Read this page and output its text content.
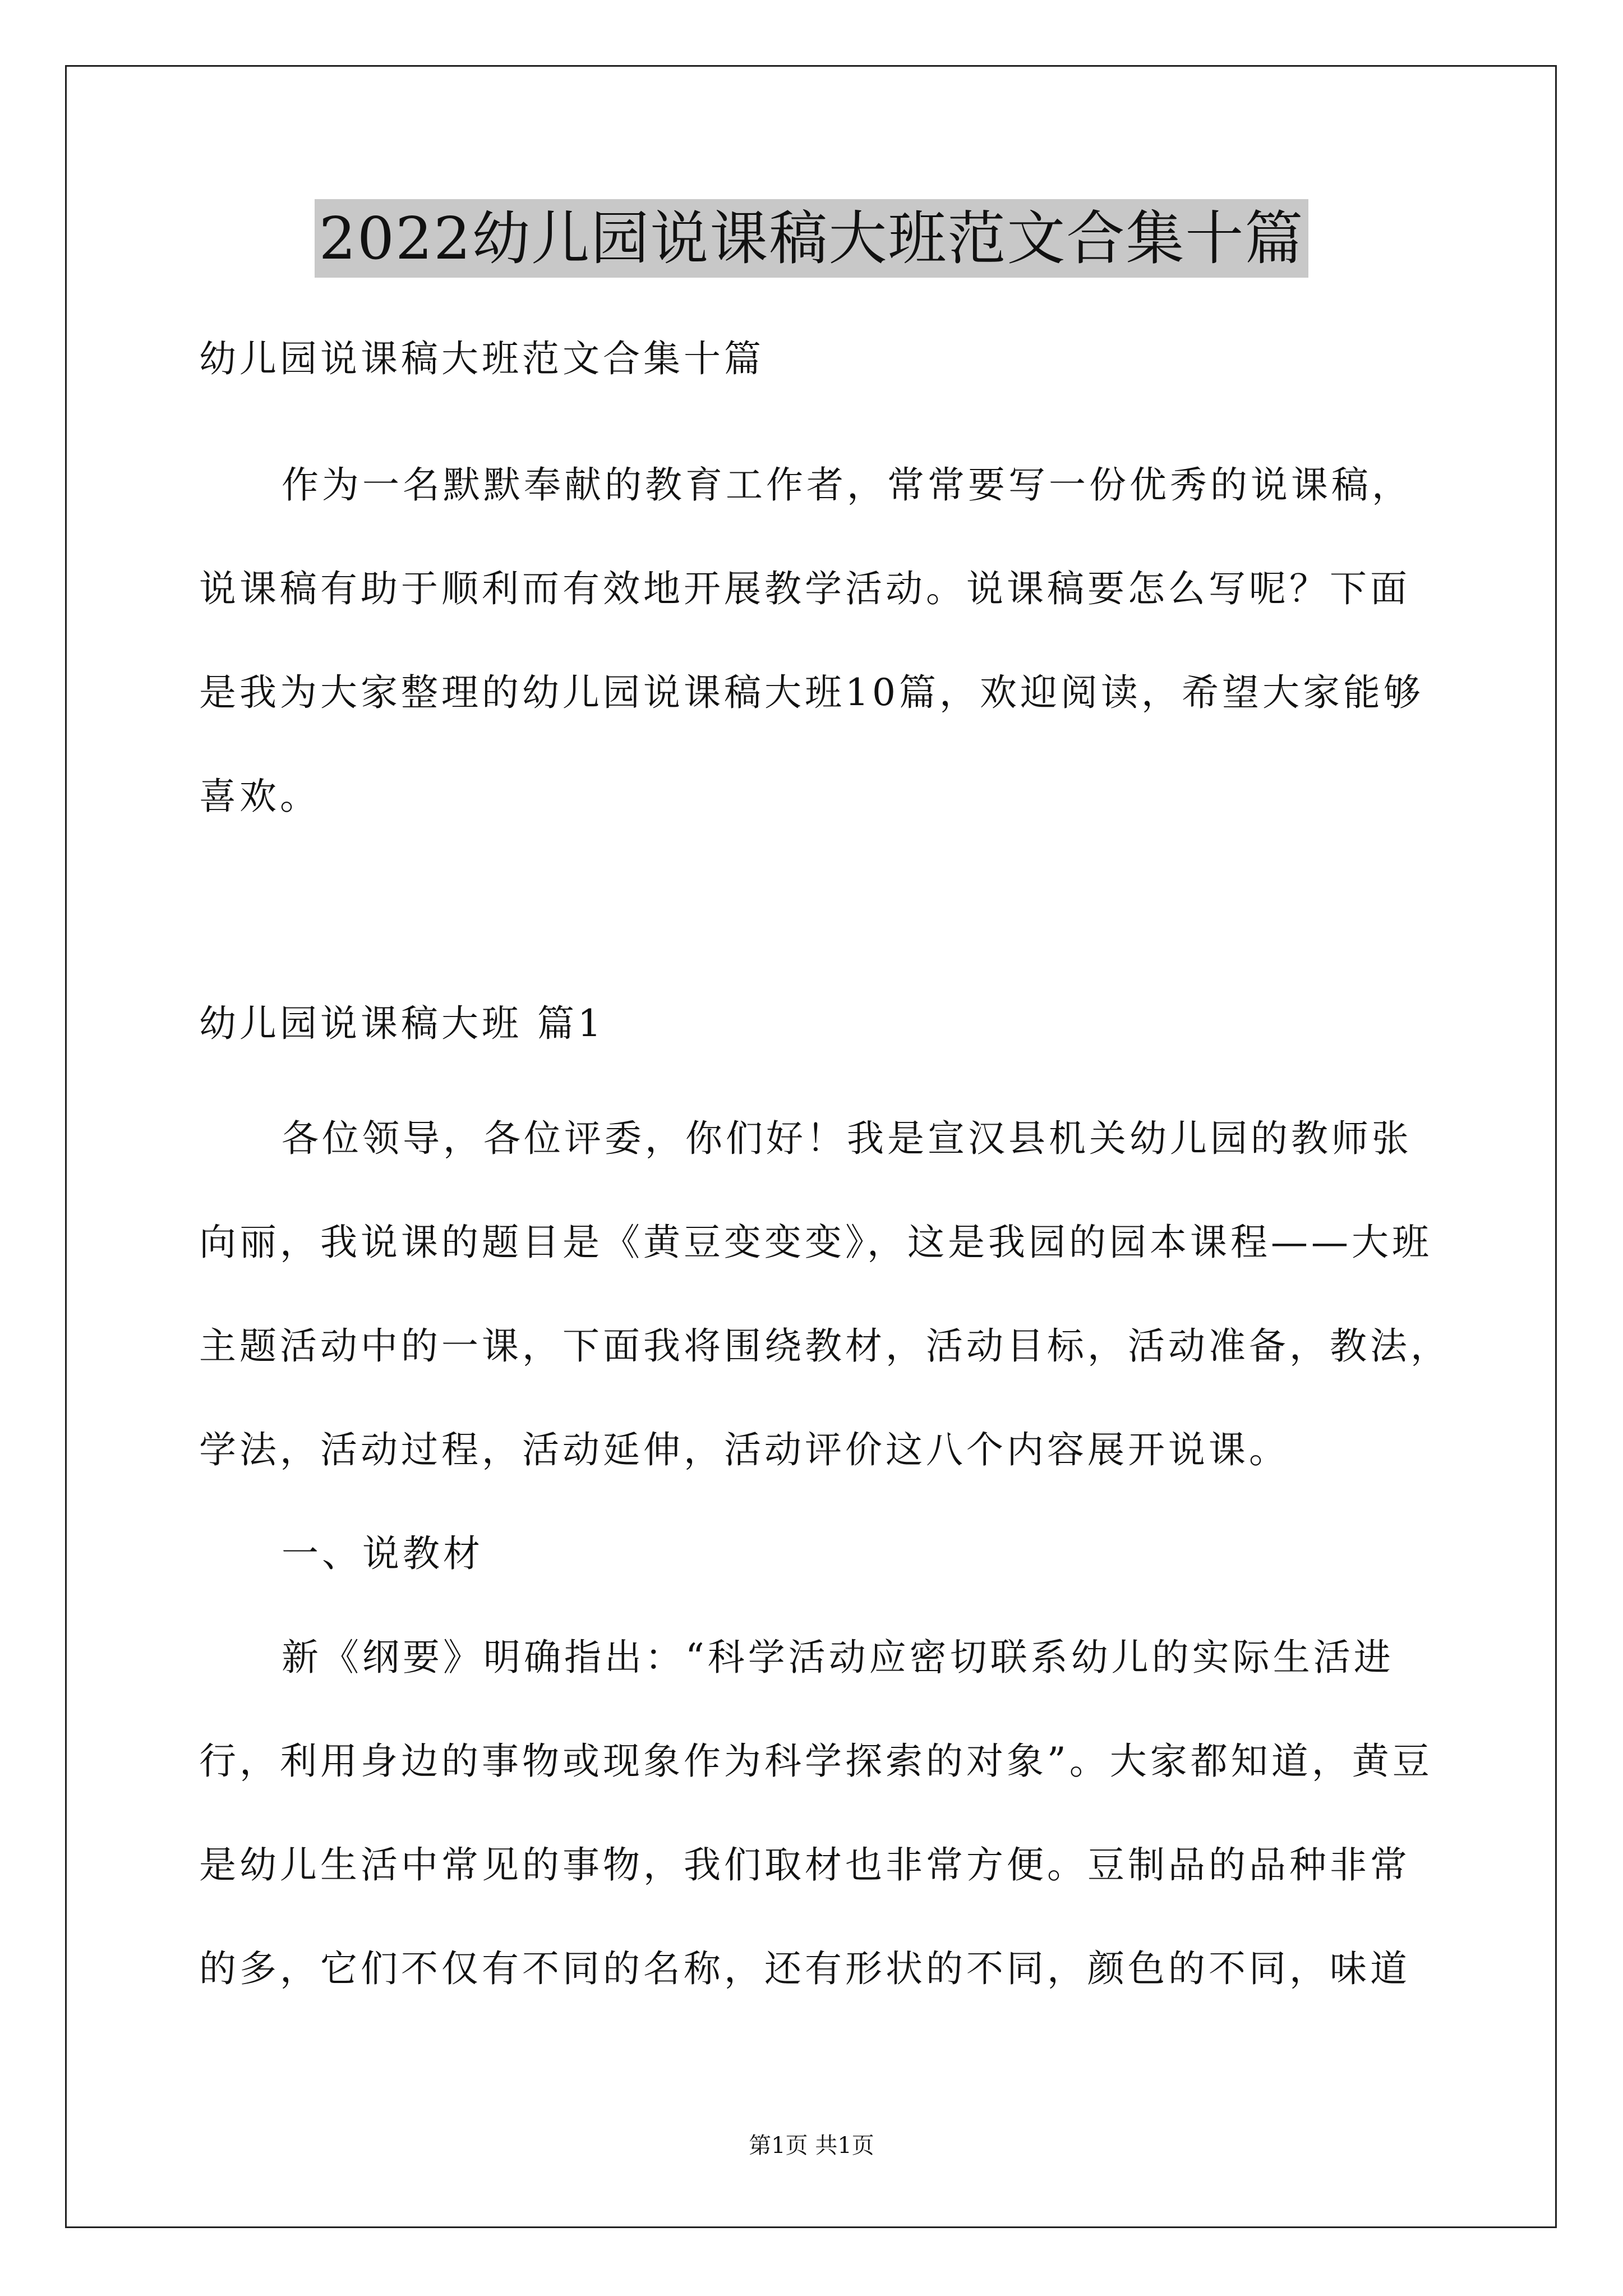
2022幼儿园说课稿大班范文合集十篇
幼儿园说课稿大班范文合集十篇
作为一名默默奉献的教育工作者，常常要写一份优秀的说课稿，
说课稿有助于顺利而有效地开展教学活动。说课稿要怎么写呢？下面
是我为大家整理的幼儿园说课稿大班10篇，欢迎阅读，希望大家能够
喜欢。
幼儿园说课稿大班 篇1
各位领导，各位评委，你们好！我是宣汉县机关幼儿园的教师张
向丽，我说课的题目是《黄豆变变变》，这是我园的园本课程——大班
主题活动中的一课，下面我将围绕教材，活动目标，活动准备，教法，
学法，活动过程，活动延伸，活动评价这八个内容展开说课。
一、说教材
新《纲要》明确指出：“科学活动应密切联系幼儿的实际生活进
行，利用身边的事物或现象作为科学探索的对象”。大家都知道，黄豆
是幼儿生活中常见的事物，我们取材也非常方便。豆制品的品种非常
的多，它们不仅有不同的名称，还有形状的不同，颜色的不同，味道
第1页 共1页
